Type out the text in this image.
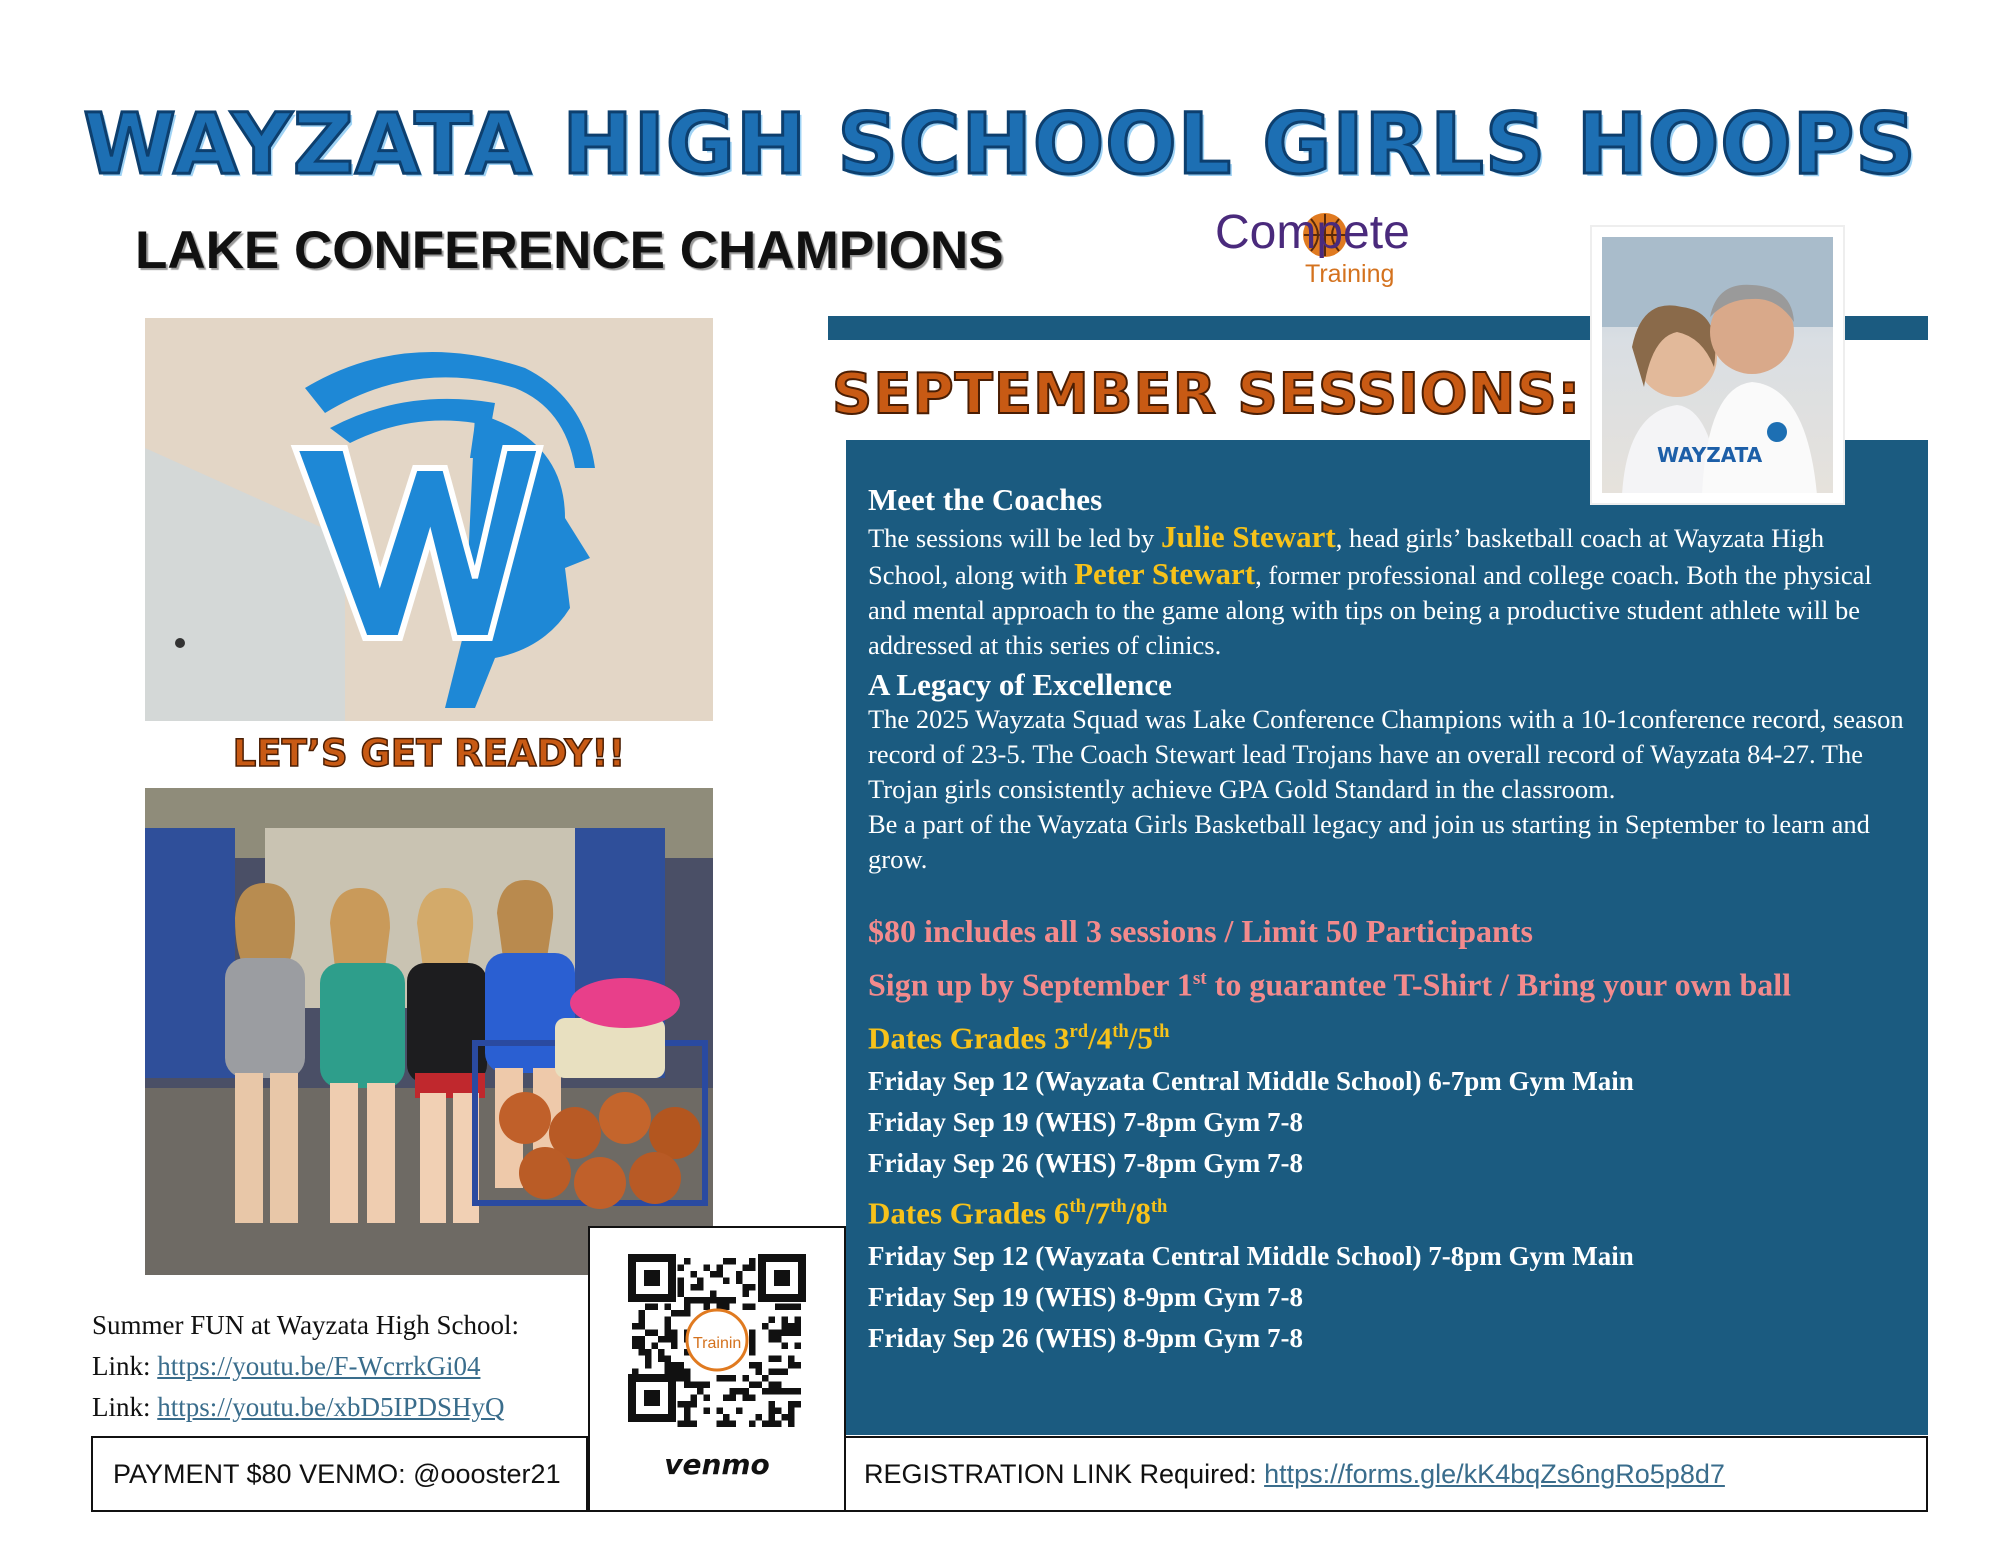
WAYZATA HIGH SCHOOL GIRLS HOOPS
LAKE CONFERENCE CHAMPIONS	Compete
Training
SEPTEMBER SESSIONS:
Meet the Coaches
The sessions will be led by Julie Stewart, head girls’ basketball coach at Wayzata High School, along with Peter Stewart, former professional and college coach. Both the physical and mental approach to the game along with tips on being a productive student athlete will be addressed at this series of clinics.
A Legacy of Excellence
The 2025 Wayzata Squad was Lake Conference Champions with a 10-1conference record, season record of 23-5. The Coach Stewart lead Trojans have an overall record of Wayzata 84-27. The Trojan girls consistently achieve GPA Gold Standard in the classroom.
Be a part of the Wayzata Girls Basketball legacy and join us starting in September to learn and grow.
$80 includes all 3 sessions / Limit 50 Participants
Sign up by September 1st to guarantee T-Shirt / Bring your own ball
Dates Grades 3rd/4th/5th
Friday Sep 12 (Wayzata Central Middle School) 6-7pm Gym Main
Friday Sep 19 (WHS) 7-8pm Gym 7-8
Friday Sep 26 (WHS) 7-8pm Gym 7-8
Dates Grades 6th/7th/8th
Friday Sep 12 (Wayzata Central Middle School) 7-8pm Gym Main
Friday Sep 19 (WHS) 8-9pm Gym 7-8
Friday Sep 26 (WHS) 8-9pm Gym 7-8
WAYZATA
LET’S GET READY!!
Summer FUN at Wayzata High School:
Link: https://youtu.be/F-WcrrkGi04
Link: https://youtu.be/xbD5IPDSHyQ
Trainin
venmo
PAYMENT $80 VENMO: @oooster21	REGISTRATION LINK Required: https://forms.gle/kK4bqZs6ngRo5p8d7
